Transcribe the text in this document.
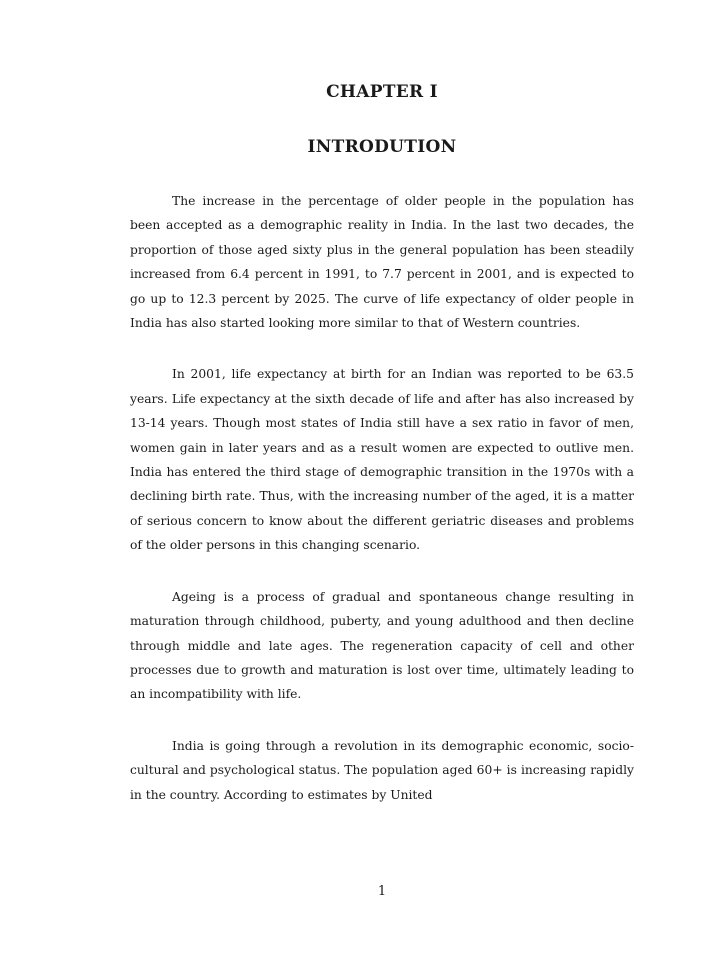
CHAPTER I
INTRODUTION

The increase in the percentage of older people in the population has been accepted as a demographic reality in India. In the last two decades, the proportion of those aged sixty plus in the general population has been steadily increased from 6.4 percent in 1991, to 7.7 percent in 2001, and is expected to go up to 12.3 percent by 2025. The curve of life expectancy of older people in India has also started looking more similar to that of Western countries.

In 2001, life expectancy at birth for an Indian was reported to be 63.5 years. Life expectancy at the sixth decade of life and after has also increased by 13-14 years. Though most states of India still have a sex ratio in favor of men, women gain in later years and as a result women are expected to outlive men. India has entered the third stage of demographic transition in the 1970s with a declining birth rate. Thus, with the increasing number of the aged, it is a matter of serious concern to know about the different geriatric diseases and problems of the older persons in this changing scenario.

Ageing is a process of gradual and spontaneous change resulting in maturation through childhood, puberty, and young adulthood and then decline through middle and late ages. The regeneration capacity of cell and other processes due to growth and maturation is lost over time, ultimately leading to an incompatibility with life.

India is going through a revolution in its demographic economic, socio-cultural and psychological status. The population aged 60+ is increasing rapidly in the country. According to estimates by United

1
